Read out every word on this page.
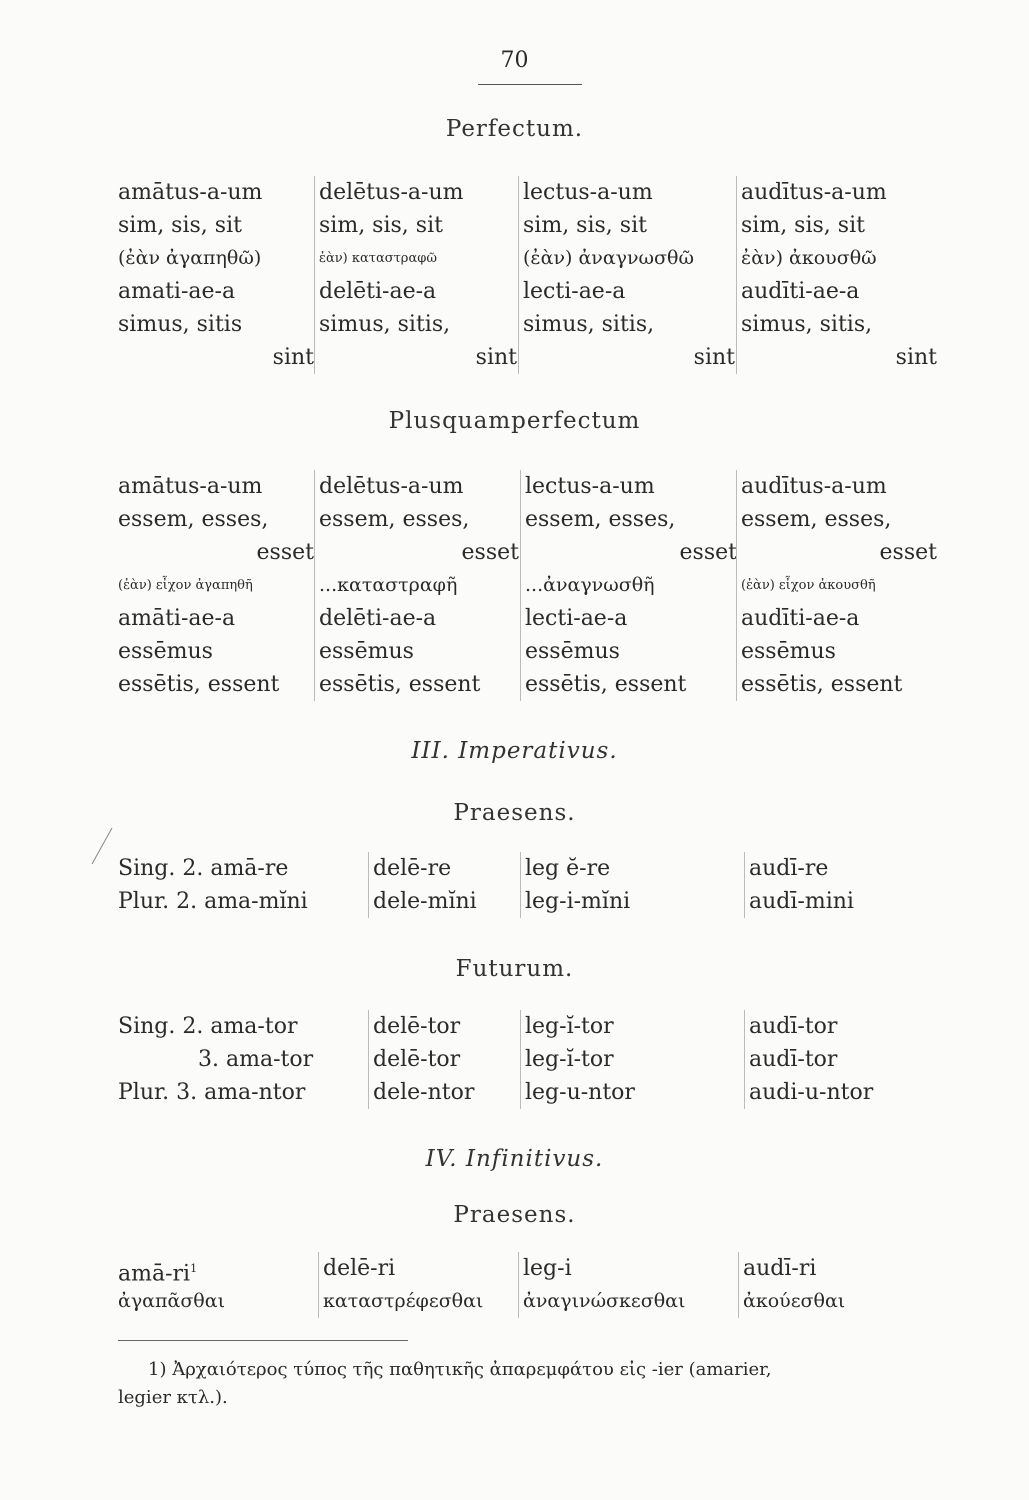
70
Perfectum.
amātus-a-um
sim, sis, sit
(ἐὰν ἀγαπηθῶ)
amati-ae-a
simus, sitis
sint
delētus-a-um
sim, sis, sit
ἐὰν) καταστραφῶ
delēti-ae-a
simus, sitis,
sint
lectus-a-um
sim, sis, sit
(ἐὰν) ἀναγνωσθῶ
lecti-ae-a
simus, sitis,
sint
audītus-a-um
sim, sis, sit
ἐὰν) ἀκουσθῶ
audīti-ae-a
simus, sitis,
sint
Plusquamperfectum
amātus-a-um
essem, esses,
esset
(ἐὰν) εἶχον ἀγαπηθῆ
amāti-ae-a
essēmus
essētis, essent
delētus-a-um
essem, esses,
esset
...καταστραφῆ
delēti-ae-a
essēmus
essētis, essent
lectus-a-um
essem, esses,
esset
...ἀναγνωσθῆ
lecti-ae-a
essēmus
essētis, essent
audītus-a-um
essem, esses,
esset
(ἐὰν) εἶχον ἀκουσθῆ
audīti-ae-a
essēmus
essētis, essent
III. Imperativus.
Praesens.
Sing. 2. amā-re
Plur. 2. ama-mĭni
delē-re
dele-mĭni
leg ĕ-re
leg-i-mĭni
audī-re
audī-mini
Futurum.
Sing. 2. ama-tor
3. ama-tor
Plur. 3. ama-ntor
delē-tor
delē-tor
dele-ntor
leg-ĭ-tor
leg-ĭ-tor
leg-u-ntor
audī-tor
audī-tor
audi-u-ntor
IV. Infinitivus.
Praesens.
amā-$ri^1$
ἀγαπᾶσθαι
delē-ri
καταστρέφεσθαι
leg-i
ἀναγινώσκεσθαι
audī-ri
ἀκούεσθαι
1) Ἀρχαιότερος τύπος τῆς παθητικῆς ἀπαρεμφάτου εἰς -ier (amarier,
legier κτλ.).
